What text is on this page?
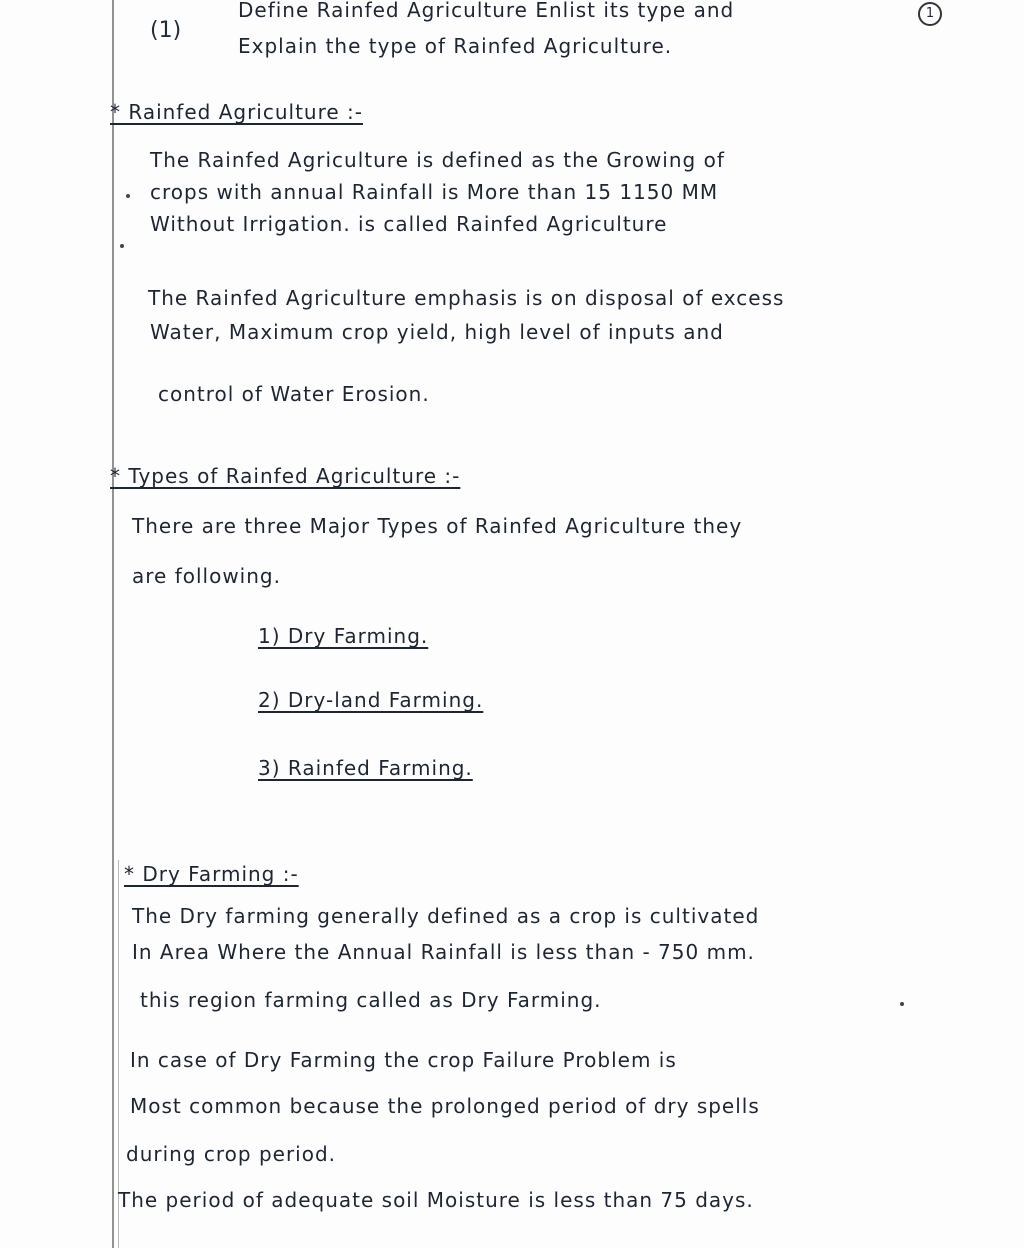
(1)
Define Rainfed Agriculture Enlist its type and
Explain the type of Rainfed Agriculture.
1
* Rainfed Agriculture :-
The Rainfed Agriculture is defined as the Growing of
crops with annual Rainfall is More than 15 1150 MM
Without Irrigation. is called Rainfed Agriculture
The Rainfed Agriculture emphasis is on disposal of excess
Water, Maximum crop yield, high level of inputs and
control of Water Erosion.
* Types of Rainfed Agriculture :-
There are three Major Types of Rainfed Agriculture they
are following.
1) Dry Farming.
2) Dry-land Farming.
3) Rainfed Farming.
* Dry Farming :-
The Dry farming generally defined as a crop is cultivated
In Area Where the Annual Rainfall is less than - 750 mm.
this region farming called as Dry Farming.
In case of Dry Farming the crop Failure Problem is
Most common because the prolonged period of dry spells
during crop period.
The period of adequate soil Moisture is less than 75 days.
